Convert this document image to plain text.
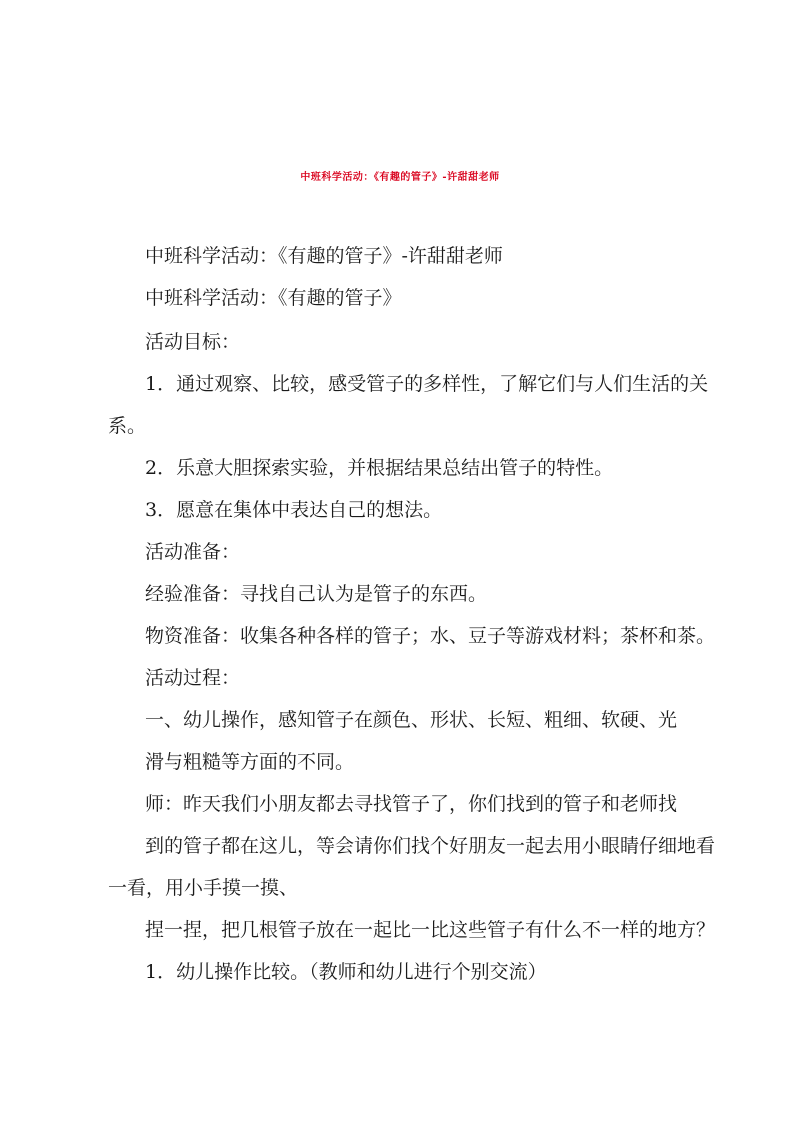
中班科学活动：《有趣的管子》-许甜甜老师
中班科学活动：《有趣的管子》-许甜甜老师
中班科学活动：《有趣的管子》
活动目标：
1．通过观察、比较，感受管子的多样性，了解它们与人们生活的关
系。
2．乐意大胆探索实验，并根据结果总结出管子的特性。
3．愿意在集体中表达自己的想法。
活动准备：
经验准备：寻找自己认为是管子的东西。
物资准备：收集各种各样的管子；水、豆子等游戏材料；茶杯和茶。
活动过程：
一、幼儿操作，感知管子在颜色、形状、长短、粗细、软硬、光
滑与粗糙等方面的不同。
师：昨天我们小朋友都去寻找管子了，你们找到的管子和老师找
到的管子都在这儿，等会请你们找个好朋友一起去用小眼睛仔细地看
一看，用小手摸一摸、
捏一捏，把几根管子放在一起比一比这些管子有什么不一样的地方？
1．幼儿操作比较。（教师和幼儿进行个别交流）
